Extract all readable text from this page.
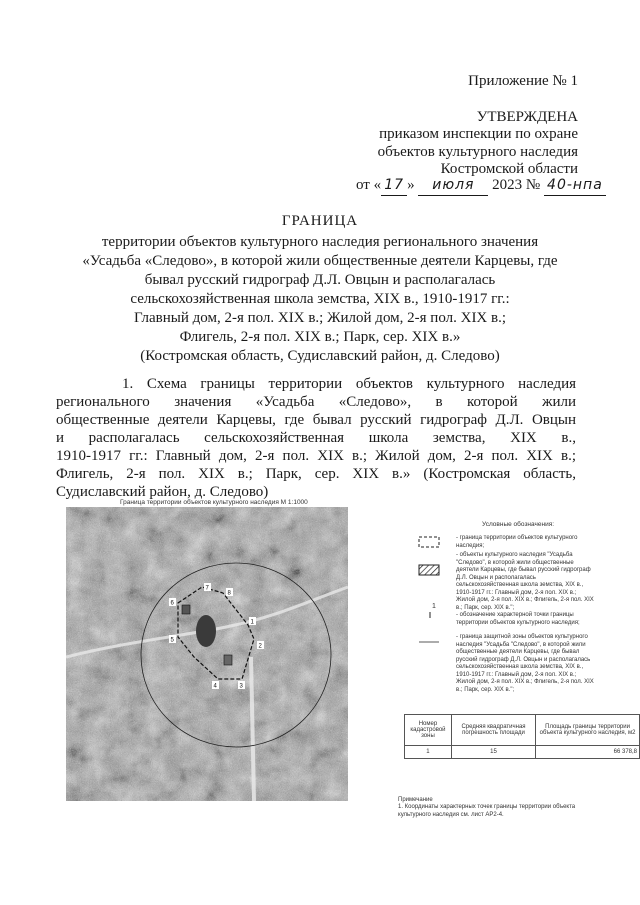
Приложение № 1
УТВЕРЖДЕНА
приказом инспекции по охране
объектов культурного наследия
Костромской области
от « 17 » июля 2023 № 40-нпа
ГРАНИЦА
территории объектов культурного наследия регионального значения
«Усадьба «Следово», в которой жили общественные деятели Карцевы, где
бывал русский гидрограф Д.Л. Овцын и располагалась
сельскохозяйственная школа земства, XIX в., 1910-1917 гг.:
Главный дом, 2-я пол. XIX в.; Жилой дом, 2-я пол. XIX в.;
Флигель, 2-я пол. XIX в.; Парк, сер. XIX в.»
(Костромская область, Судиславский район, д. Следово)
1. Схема границы территории объектов культурного наследия
регионального значения «Усадьба «Следово», в которой жили
общественные деятели Карцевы, где бывал русский гидрограф Д.Л. Овцын
и располагалась сельскохозяйственная школа земства, XIX в.,
1910-1917 гг.: Главный дом, 2-я пол. XIX в.; Жилой дом, 2-я пол. XIX в.;
Флигель, 2-я пол. XIX в.; Парк, сер. XIX в.» (Костромская область,
Судиславский район, д. Следово)
Граница территории объектов культурного наследия М 1:1000
6
5
7
8
1
2
3
4
Условные обозначения:
- граница территории объектов культурного наследия;
- объекты культурного наследия "Усадьба "Следово", в которой жили общественные деятели Карцевы, где бывал русский гидрограф Д.Л. Овцын и располагалась сельскохозяйственная школа земства, XIX в., 1910-1917 гг.: Главный дом, 2-я пол. XIX в.; Жилой дом, 2-я пол. XIX в.; Флигель, 2-я пол. XIX в.; Парк, сер. XIX в.";
1
- обозначение характерной точки границы территории объектов культурного наследия;
- граница защитной зоны объектов культурного наследия "Усадьба "Следово", в которой жили общественные деятели Карцевы, где бывал русский гидрограф Д.Л. Овцын и располагалась сельскохозяйственная школа земства, XIX в., 1910-1917 гг.: Главный дом, 2-я пол. XIX в.; Жилой дом, 2-я пол. XIX в.; Флигель, 2-я пол. XIX в.; Парк, сер. XIX в.";
Номер кадастровой зоны	Средняя квадратичная погрешность площади	Площадь границы территории объекта культурного наследия, м2
1	15	66 378,8
Примечание
1. Координаты характерных точек границы территории объекта культурного наследия см. лист АР2-4.
